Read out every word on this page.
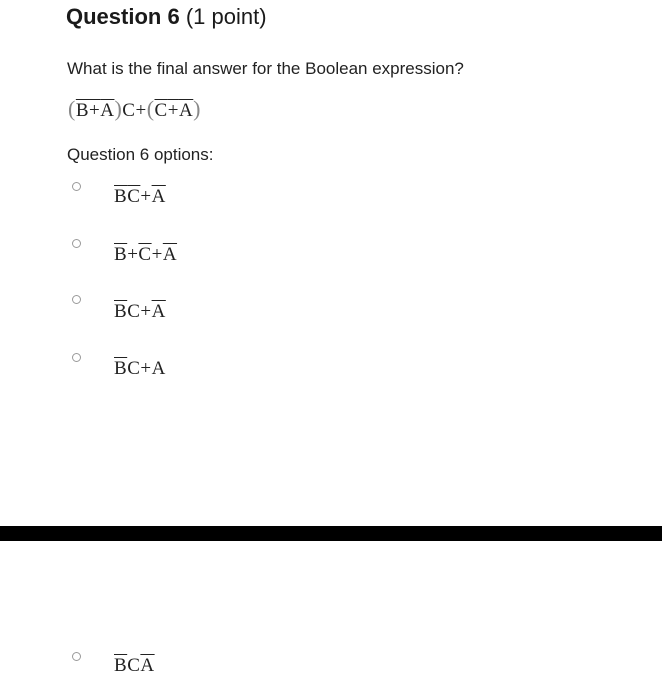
Question 6 (1 point)
What is the final answer for the Boolean expression?
(B+A)C+(C+A)
Question 6 options:
$\overline{B}\overline{C}+\overline{A}$
$\overline{B}+\overline{C}+\overline{A}$
$\overline{B}C+\overline{A}$
$\overline{B}C+A$
$\overline{B}C\overline{A}$
